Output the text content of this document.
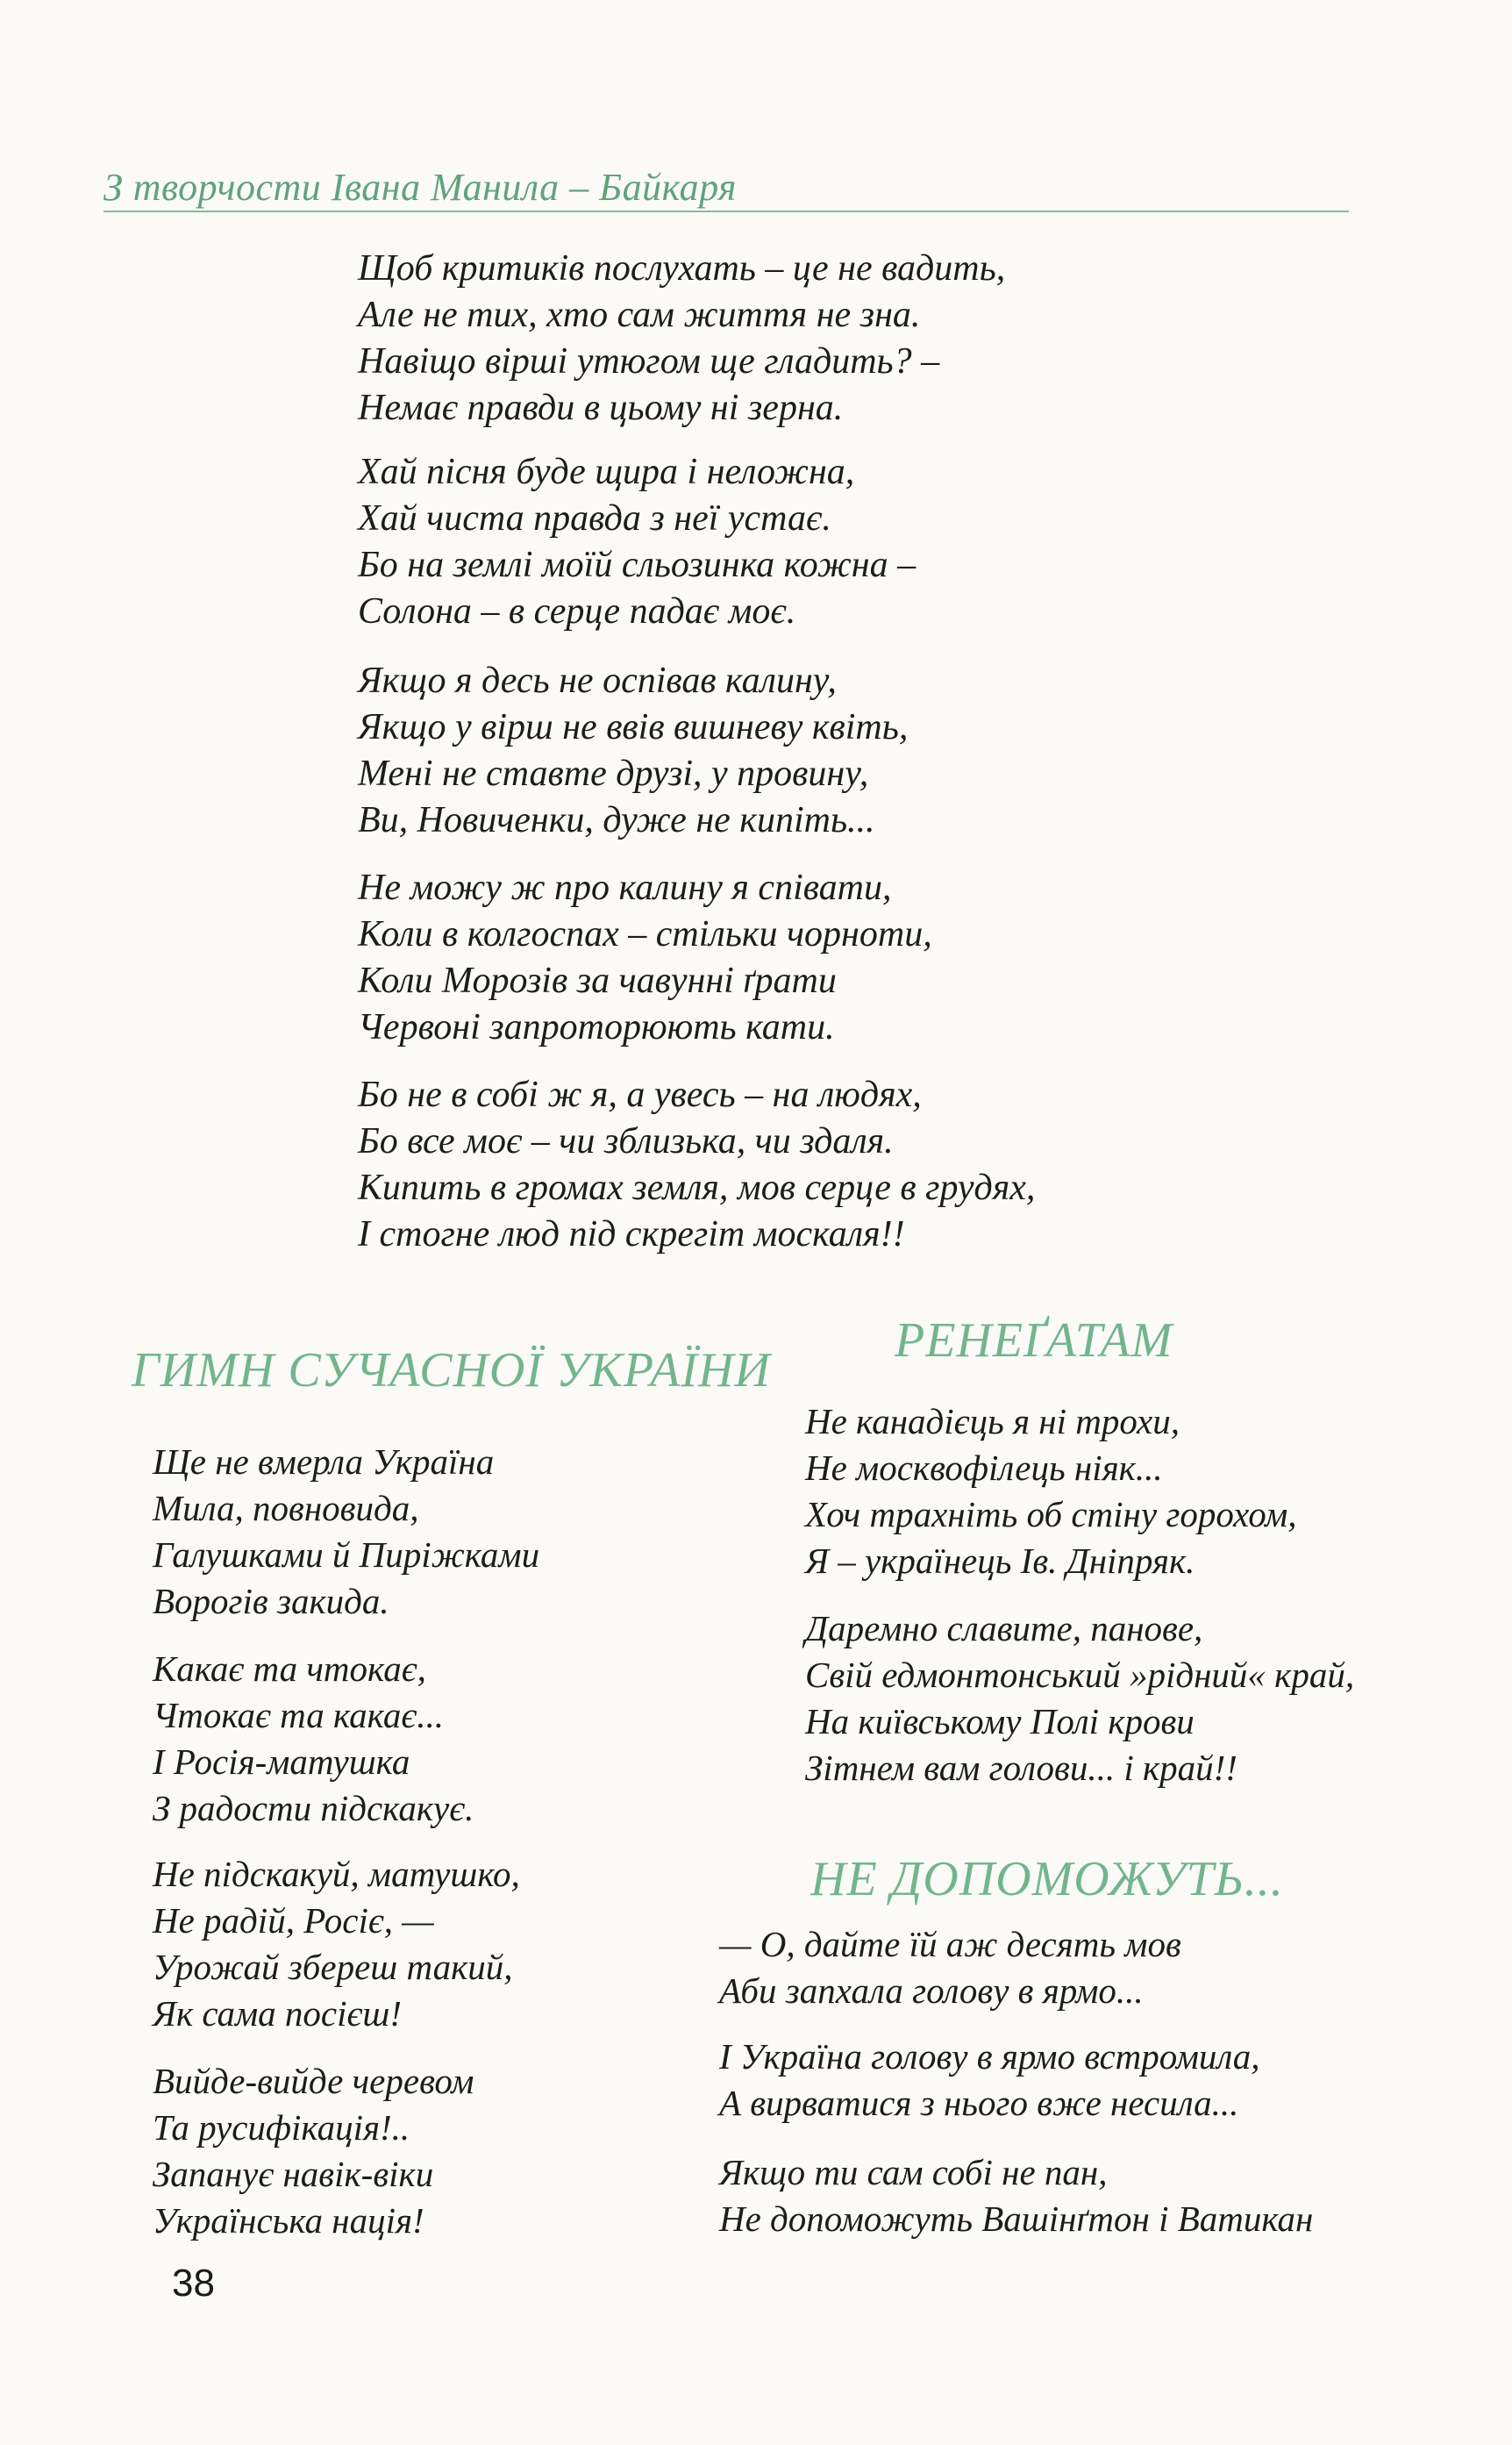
З творчости Івана Манила – Байкаря
Щоб критиків послухать – це не вадить,
Але не тих, хто сам життя не зна.
Навіщо вірші утюгом ще гладить? –
Немає правди в цьому ні зерна.
Хай пісня буде щира і неложна,
Хай чиста правда з неї устає.
Бо на землі моїй сльозинка кожна –
Солона – в серце падає моє.
Якщо я десь не оспівав калину,
Якщо у вірш не ввів вишневу квіть,
Мені не ставте друзі, у провину,
Ви, Новиченки, дуже не кипіть...
Не можу ж про калину я співати,
Коли в колгоспах – стільки чорноти,
Коли Морозів за чавунні ґрати
Червоні запроторюють кати.
Бо не в собі ж я, а увесь – на людях,
Бо все моє – чи зблизька, чи здаля.
Кипить в громах земля, мов серце в грудях,
І стогне люд під скрегіт москаля!!
ГИМН СУЧАСНОЇ УКРАЇНИ
Ще не вмерла Україна
Мила, повновида,
Галушками й Пиріжками
Ворогів закида.
Какає та чтокає,
Чтокає та какає...
І Росія-матушка
З радости підскакує.
Не підскакуй, матушко,
Не радій, Росіє, —
Урожай збереш такий,
Як сама посієш!
Вийде-вийде черевом
Та русифікація!..
Запанує навік-віки
Українська нація!
РЕНЕҐАТАМ
Не канадієць я ні трохи,
Не москвофілець ніяк...
Хоч трахніть об стіну горохом,
Я – українець Ів. Дніпряк.
Даремно славите, панове,
Свій едмонтонський »рідний« край,
На київському Полі крови
Зітнем вам голови... і край!!
НЕ ДОПОМОЖУТЬ...
— О, дайте їй аж десять мов
Аби запхала голову в ярмо...
І Україна голову в ярмо встромила,
А вирватися з нього вже несила...
Якщо ти сам собі не пан,
Не допоможуть Вашінґтон і Ватикан
38
